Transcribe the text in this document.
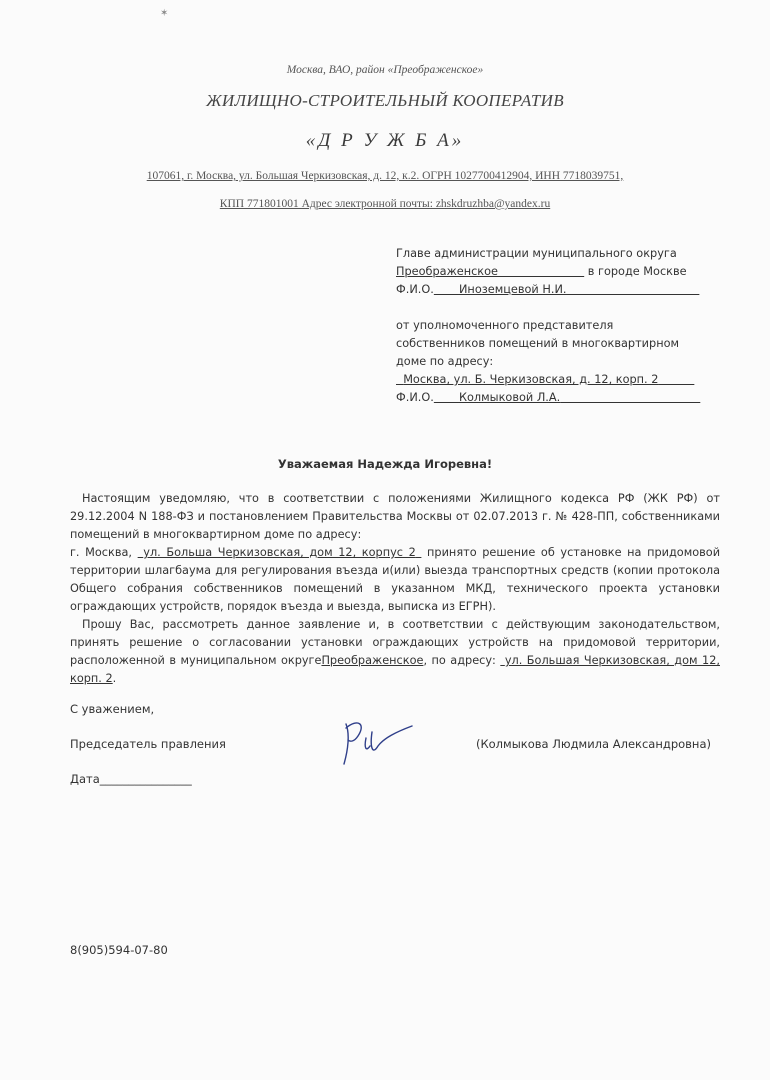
Москва, ВАО, район «Преображенское»
ЖИЛИЩНО-СТРОИТЕЛЬНЫЙ КООПЕРАТИВ
«Д Р У Ж Б А»
107061, г. Москва, ул. Большая Черкизовская, д. 12, к.2. ОГРН 1027700412904, ИНН 7718039751,
КПП 771801001 Адрес электронной почты: zhskdruzhba@yandex.ru
Главе администрации муниципального округа
Преображенское	в городе Москве
Ф.И.О. Иноземцевой Н.И.
от уполномоченного представителя
собственников помещений в многоквартирном
доме по адресу:
Москва, ул. Б. Черкизовская, д. 12, корп. 2
Ф.И.О. Колмыковой Л.А.
Уважаемая Надежда Игоревна!
Настоящим уведомляю, что в соответствии с положениями Жилищного кодекса РФ (ЖК РФ) от 29.12.2004 N 188-ФЗ и постановлением Правительства Москвы от 02.07.2013 г. № 428-ПП, собственниками помещений в многоквартирном доме по адресу:
г. Москва, ул. Больша Черкизовская, дом 12, корпус 2 принято решение об установке на придомовой территории шлагбаума для регулирования въезда и(или) выезда транспортных средств (копии протокола Общего собрания собственников помещений в указанном МКД, технического проекта установки ограждающих устройств, порядок въезда и выезда, выписка из ЕГРН).
Прошу Вас, рассмотреть данное заявление и, в соответствии с действующим законодательством, принять решение о согласовании установки ограждающих устройств на придомовой территории, расположенной в муниципальном округеПреображенское, по адресу: ул. Большая Черкизовская, дом 12, корп. 2.
С уважением,
Председатель правления	(Колмыкова Людмила Александровна)
Дата________________
8(905)594-07-80
✶
